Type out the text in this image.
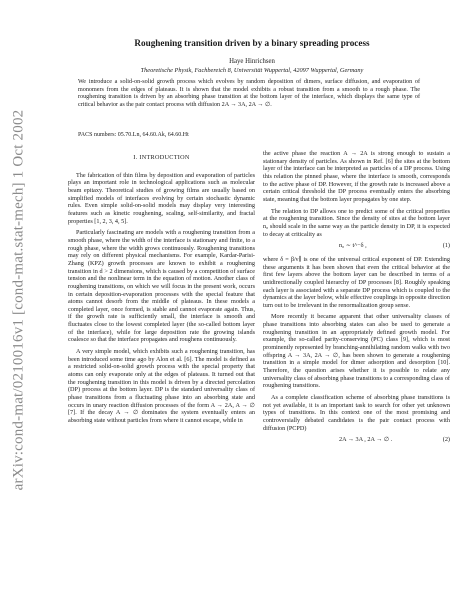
arXiv:cond-mat/0210016v1 [cond-mat.stat-mech] 1 Oct 2002
Roughening transition driven by a binary spreading process
Haye Hinrichsen
Theoretische Physik, Fachbereich 8, Universität Wuppertal, 42097 Wuppertal, Germany
We introduce a solid-on-solid growth process which evolves by random deposition of dimers, surface diffusion, and evaporation of monomers from the edges of plateaus. It is shown that the model exhibits a robust transition from a smooth to a rough phase. The roughening transition is driven by an absorbing phase transition at the bottom layer of the interface, which displays the same type of critical behavior as the pair contact process with diffusion 2A → 3A, 2A → ∅.
PACS numbers: 05.70.Ln, 64.60.Ak, 64.60.Ht
I. INTRODUCTION

The fabrication of thin films by deposition and evaporation of particles plays an important role in technological applications such as molecular beam epitaxy. Theoretical studies of growing films are usually based on simplified models of interfaces evolving by certain stochastic dynamic rules. Even simple solid-on-solid models may display very interesting features such as kinetic roughening, scaling, self-similarity, and fractal properties [1, 2, 3, 4, 5].

Particularly fascinating are models with a roughening transition from a smooth phase, where the width of the interface is stationary and finite, to a rough phase, where the width grows continuously. Roughening transitions may rely on different physical mechanisms. For example, Kardar-Parisi-Zhang (KPZ) growth processes are known to exhibit a roughening transition in d > 2 dimensions, which is caused by a competition of surface tension and the nonlinear term in the equation of motion. Another class of roughening transitions, on which we will focus in the present work, occurs in certain deposition-evaporation processes with the special feature that atoms cannot desorb from the middle of plateaus. In these models a completed layer, once formed, is stable and cannot evaporate again. Thus, if the growth rate is sufficiently small, the interface is smooth and fluctuates close to the lowest completed layer (the so-called bottom layer of the interface), while for large deposition rate the growing islands coalesce so that the interface propagates and roughens continuously.

A very simple model, which exhibits such a roughening transition, has been introduced some time ago by Alon et al. [6]. The model is defined as a restricted solid-on-solid growth process with the special property that atoms can only evaporate only at the edges of plateaus. It turned out that the roughening transition in this model is driven by a directed percolation (DP) process at the bottom layer. DP is the standard universality class of phase transitions from a fluctuating phase into an absorbing state and occurs in unary reaction diffusion processes of the form A → 2A, A → ∅ [7]. If the decay A → ∅ dominates the system eventually enters an absorbing state without particles from where it cannot escape, while in

the active phase the reaction A → 2A is strong enough to sustain a stationary density of particles. As shown in Ref. [6] the sites at the bottom layer of the interface can be interpreted as particles of a DP process. Using this relation the pinned phase, where the interface is smooth, corresponds to the active phase of DP. However, if the growth rate is increased above a certain critical threshold the DP process eventually enters the absorbing state, meaning that the bottom layer propagates by one step.

The relation to DP allows one to predict some of the critical properties at the roughening transition. Since the density of sites at the bottom layer n₀ should scale in the same way as the particle density in DP, it is expected to decay at criticality as

n₀ ∼ t^−δ ,	(1)

where δ = β/ν∥ is one of the universal critical exponent of DP. Extending these arguments it has been shown that even the critical behavior at the first few layers above the bottom layer can be described in terms of a unidirectionally coupled hierarchy of DP processes [8]. Roughly speaking each layer is associated with a separate DP process which is coupled to the dynamics at the layer below, while effective couplings in opposite direction turn out to be irrelevant in the renormalization group sense.

More recently it became apparent that other universality classes of phase transitions into absorbing states can also be used to generate a roughening transition in an appropriately defined growth model. For example, the so-called parity-conserving (PC) class [9], which is most prominently represented by branching-annihilating random walks with two offspring A → 3A, 2A → ∅, has been shown to generate a roughening transition in a simple model for dimer adsorption and desorption [10]. Therefore, the question arises whether it is possible to relate any universality class of absorbing phase transitions to a corresponding class of roughening transitions.

As a complete classification scheme of absorbing phase transitions is not yet available, it is an important task to search for other yet unknown types of transitions. In this context one of the most promising and controversially debated candidates is the pair contact process with diffusion (PCPD)

2A → 3A , 2A → ∅ .	(2)
